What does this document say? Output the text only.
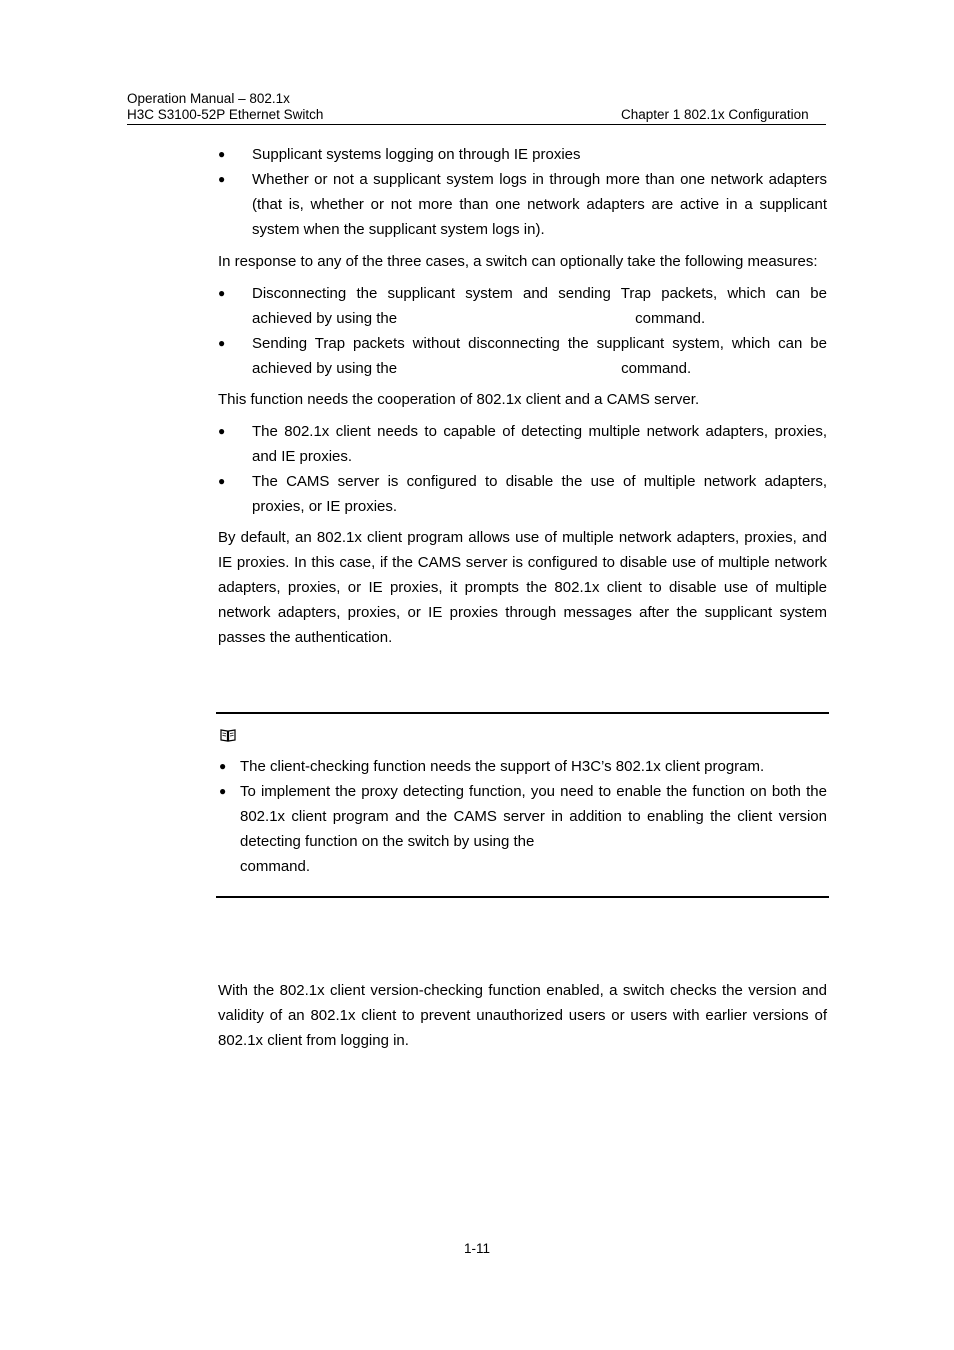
Operation Manual – 802.1x
H3C S3100-52P Ethernet Switch	Chapter 1 802.1x Configuration
● Supplicant systems logging on through IE proxies
● Whether or not a supplicant system logs in through more than one network adapters (that is, whether or not more than one network adapters are active in a supplicant system when the supplicant system logs in).

In response to any of the three cases, a switch can optionally take the following measures:

● Disconnecting the supplicant system and sending Trap packets, which can be achieved by using the	command.
● Sending Trap packets without disconnecting the supplicant system, which can be achieved by using the	command.

This function needs the cooperation of 802.1x client and a CAMS server.

● The 802.1x client needs to capable of detecting multiple network adapters, proxies, and IE proxies.
● The CAMS server is configured to disable the use of multiple network adapters, proxies, or IE proxies.

By default, an 802.1x client program allows use of multiple network adapters, proxies, and IE proxies. In this case, if the CAMS server is configured to disable use of multiple network adapters, proxies, or IE proxies, it prompts the 802.1x client to disable use of multiple network adapters, proxies, or IE proxies through messages after the supplicant system passes the authentication.

● The client-checking function needs the support of H3C’s 802.1x client program.
● To implement the proxy detecting function, you need to enable the function on both the 802.1x client program and the CAMS server in addition to enabling the client version detecting function on the switch by using the
command.

With the 802.1x client version-checking function enabled, a switch checks the version and validity of an 802.1x client to prevent unauthorized users or users with earlier versions of 802.1x client from logging in.

1-11
